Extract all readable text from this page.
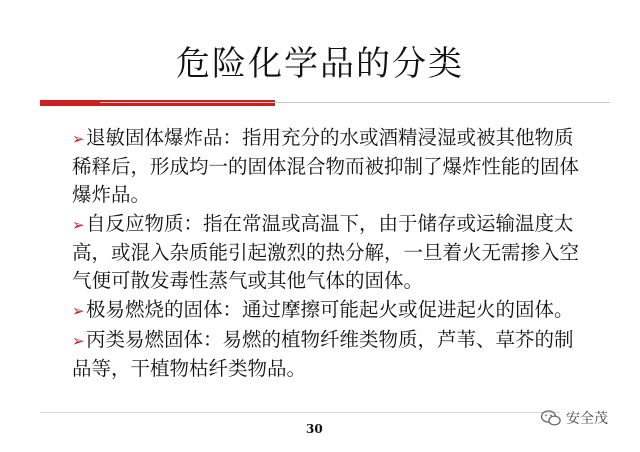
危险化学品的分类
➢退敏固体爆炸品：指用充分的水或酒精浸湿或被其他物质稀释后，形成均一的固体混合物而被抑制了爆炸性能的固体爆炸品。
➢自反应物质：指在常温或高温下，由于储存或运输温度太高，或混入杂质能引起激烈的热分解，一旦着火无需掺入空气便可散发毒性蒸气或其他气体的固体。
➢极易燃烧的固体：通过摩擦可能起火或促进起火的固体。
➢丙类易燃固体：易燃的植物纤维类物质，芦苇、草芥的制品等，干植物枯纤类物品。
30
安全茂
